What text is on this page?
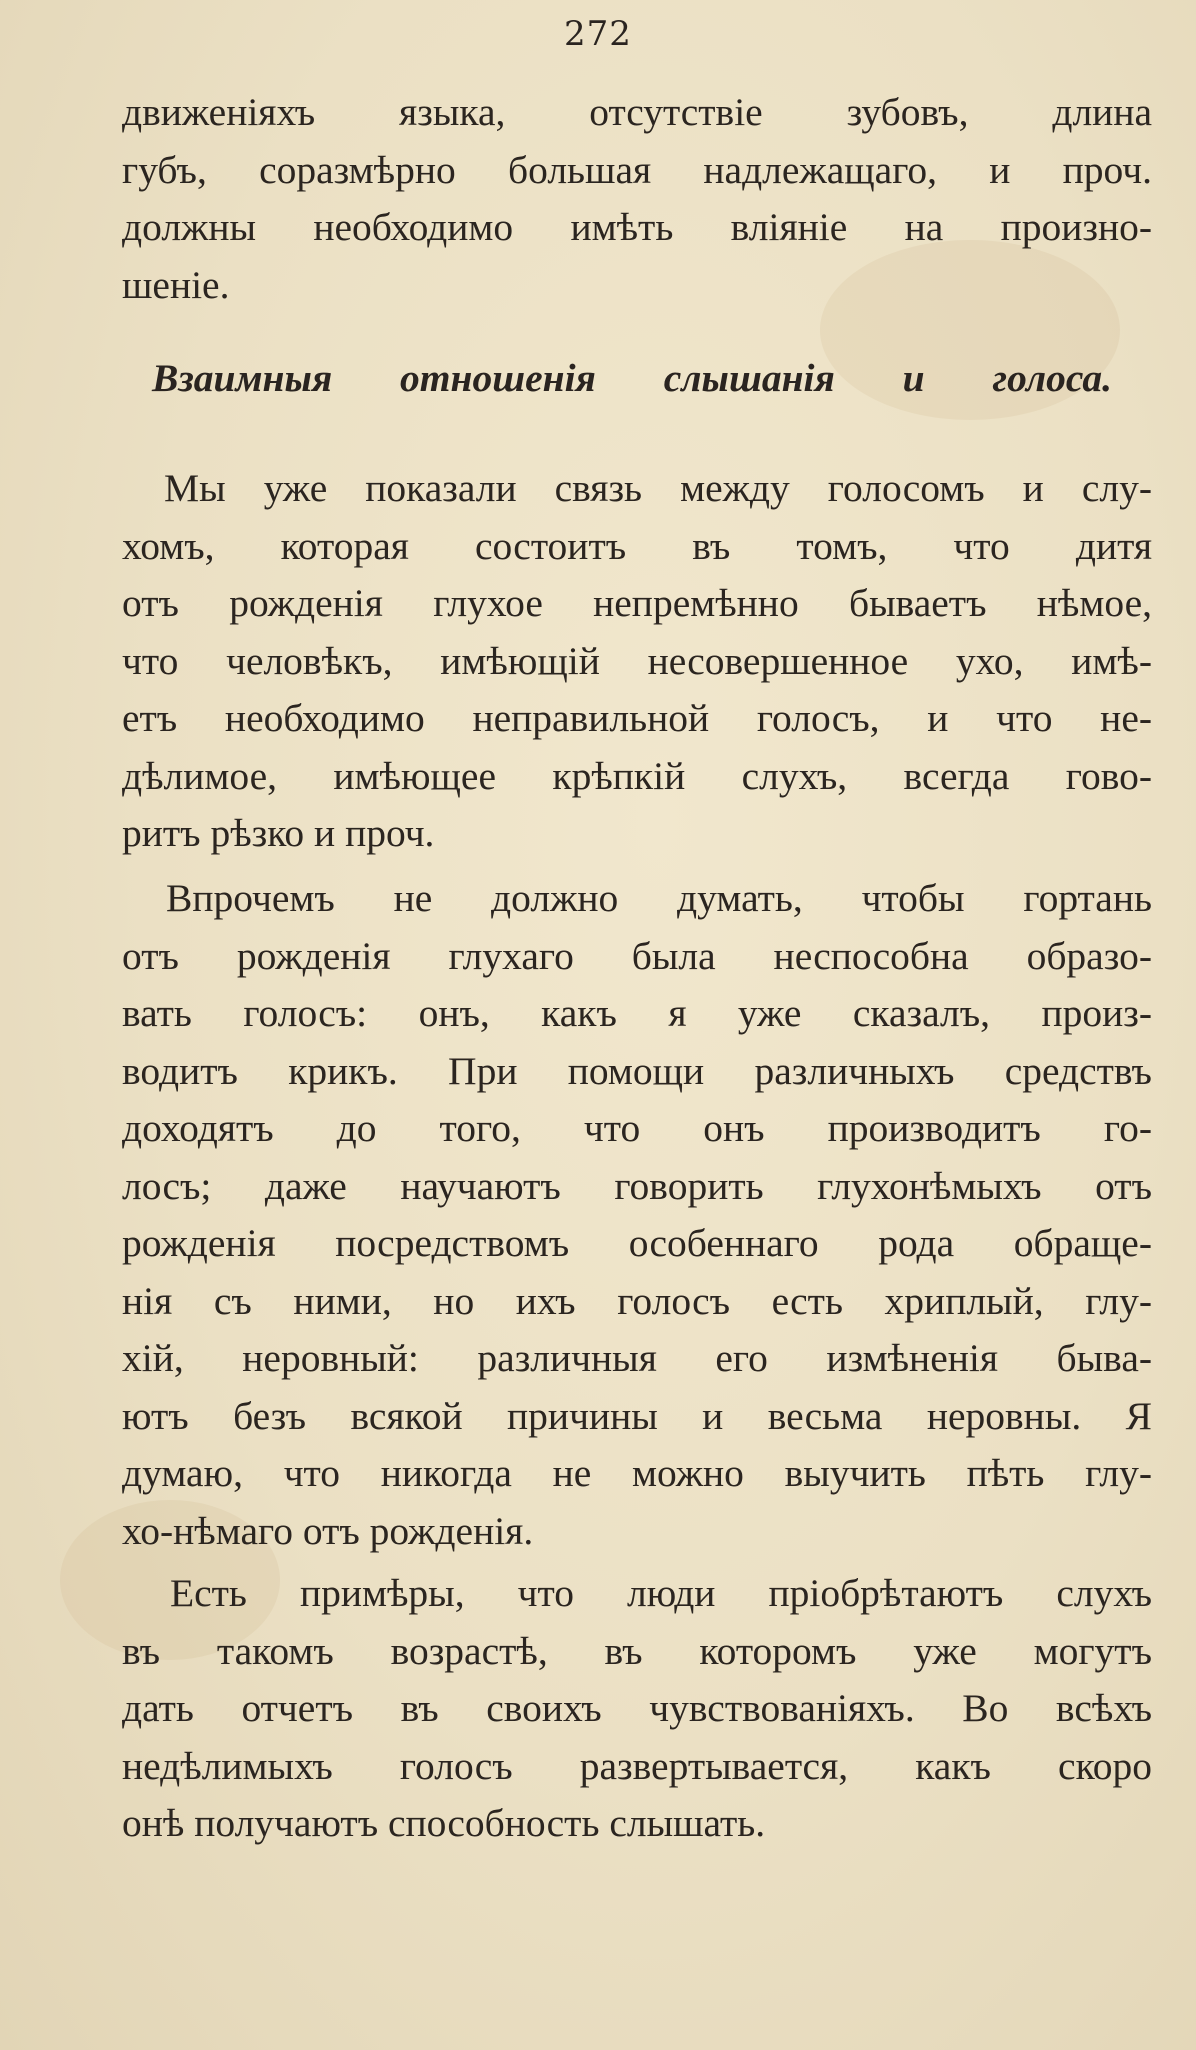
272
движеніяхъ языка, отсутствіе зубовъ, длина
губъ, соразмѣрно большая надлежащаго, и проч.
должны необходимо имѣть вліяніе на произно-
шеніе.
Взаимныя отношенія слышанія и голоса.
Мы уже показали связь между голосомъ и слу-
хомъ, которая состоитъ въ томъ, что дитя
отъ рожденія глухое непремѣнно бываетъ нѣмое,
что человѣкъ, имѣющій несовершенное ухо, имѣ-
етъ необходимо неправильной голосъ, и что не-
дѣлимое, имѣющее крѣпкій слухъ, всегда гово-
ритъ рѣзко и проч.
Впрочемъ не должно думать, чтобы гортань
отъ рожденія глухаго была неспособна образо-
вать голосъ: онъ, какъ я уже сказалъ, произ-
водитъ крикъ. При помощи различныхъ средствъ
доходятъ до того, что онъ производитъ го-
лосъ; даже научаютъ говорить глухонѣмыхъ отъ
рожденія посредствомъ особеннаго рода обраще-
нія съ ними, но ихъ голосъ есть хриплый, глу-
хій, неровный: различныя его измѣненія быва-
ютъ безъ всякой причины и весьма неровны. Я
думаю, что никогда не можно выучить пѣть глу-
хо-нѣмаго отъ рожденія.
Есть примѣры, что люди пріобрѣтаютъ слухъ
въ такомъ возрастѣ, въ которомъ уже могутъ
дать отчетъ въ своихъ чувствованіяхъ. Во всѣхъ
недѣлимыхъ голосъ развертывается, какъ скоро
онѣ получаютъ способность слышать.
